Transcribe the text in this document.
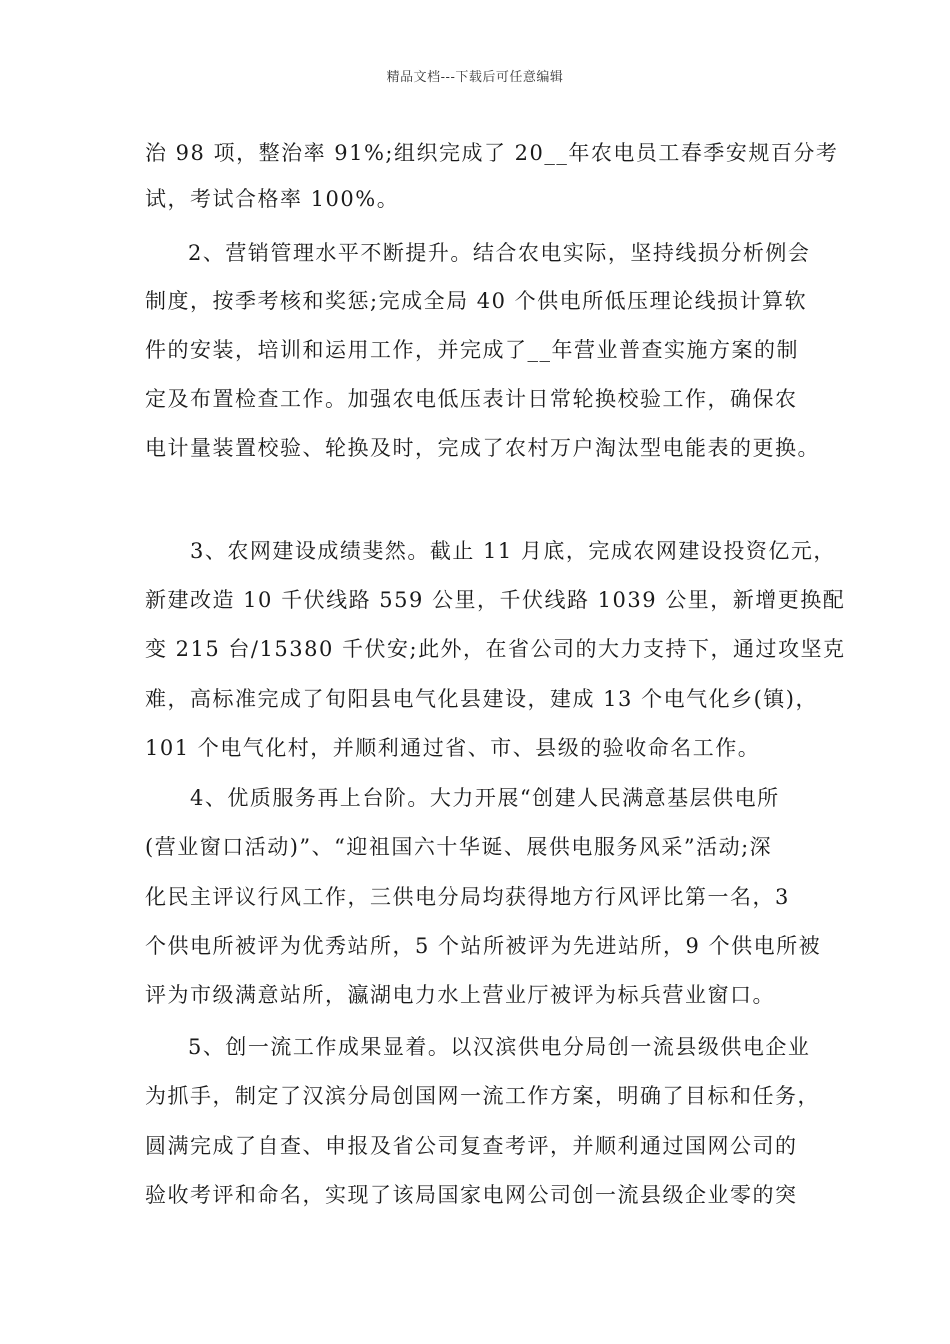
精品文档---下载后可任意编辑
治 98 项，整治率 91%;组织完成了 20__年农电员工春季安规百分考
试，考试合格率 100%。
2、营销管理水平不断提升。结合农电实际，坚持线损分析例会
制度，按季考核和奖惩;完成全局 40 个供电所低压理论线损计算软
件的安装，培训和运用工作，并完成了__年营业普查实施方案的制
定及布置检查工作。加强农电低压表计日常轮换校验工作，确保农
电计量装置校验、轮换及时，完成了农村万户淘汰型电能表的更换。
3、农网建设成绩斐然。截止 11 月底，完成农网建设投资亿元，
新建改造 10 千伏线路 559 公里，千伏线路 1039 公里，新增更换配
变 215 台/15380 千伏安;此外，在省公司的大力支持下，通过攻坚克
难，高标准完成了旬阳县电气化县建设，建成 13 个电气化乡(镇)，
101 个电气化村，并顺利通过省、市、县级的验收命名工作。
4、优质服务再上台阶。大力开展“创建人民满意基层供电所
(营业窗口活动)”、“迎祖国六十华诞、展供电服务风采”活动;深
化民主评议行风工作，三供电分局均获得地方行风评比第一名，3
个供电所被评为优秀站所，5 个站所被评为先进站所，9 个供电所被
评为市级满意站所，瀛湖电力水上营业厅被评为标兵营业窗口。
5、创一流工作成果显着。以汉滨供电分局创一流县级供电企业
为抓手，制定了汉滨分局创国网一流工作方案，明确了目标和任务，
圆满完成了自查、申报及省公司复查考评，并顺利通过国网公司的
验收考评和命名，实现了该局国家电网公司创一流县级企业零的突
